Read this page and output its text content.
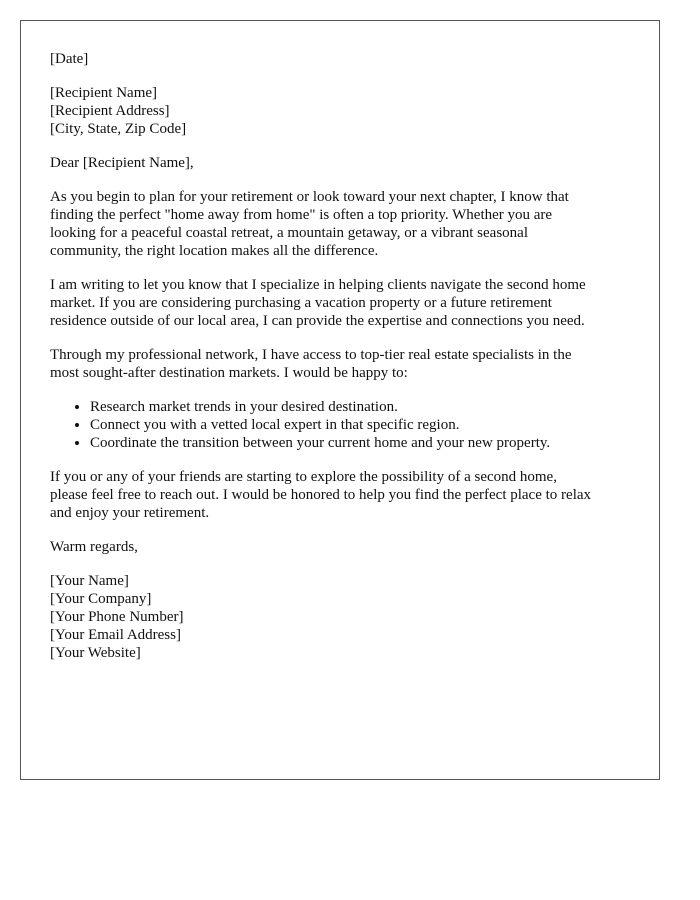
[Date]
[Recipient Name]
[Recipient Address]
[City, State, Zip Code]
Dear [Recipient Name],
As you begin to plan for your retirement or look toward your next chapter, I know that
finding the perfect "home away from home" is often a top priority. Whether you are
looking for a peaceful coastal retreat, a mountain getaway, or a vibrant seasonal
community, the right location makes all the difference.
I am writing to let you know that I specialize in helping clients navigate the second home
market. If you are considering purchasing a vacation property or a future retirement
residence outside of our local area, I can provide the expertise and connections you need.
Through my professional network, I have access to top-tier real estate specialists in the
most sought-after destination markets. I would be happy to:
• Research market trends in your desired destination.
• Connect you with a vetted local expert in that specific region.
• Coordinate the transition between your current home and your new property.
If you or any of your friends are starting to explore the possibility of a second home,
please feel free to reach out. I would be honored to help you find the perfect place to relax
and enjoy your retirement.
Warm regards,
[Your Name]
[Your Company]
[Your Phone Number]
[Your Email Address]
[Your Website]
